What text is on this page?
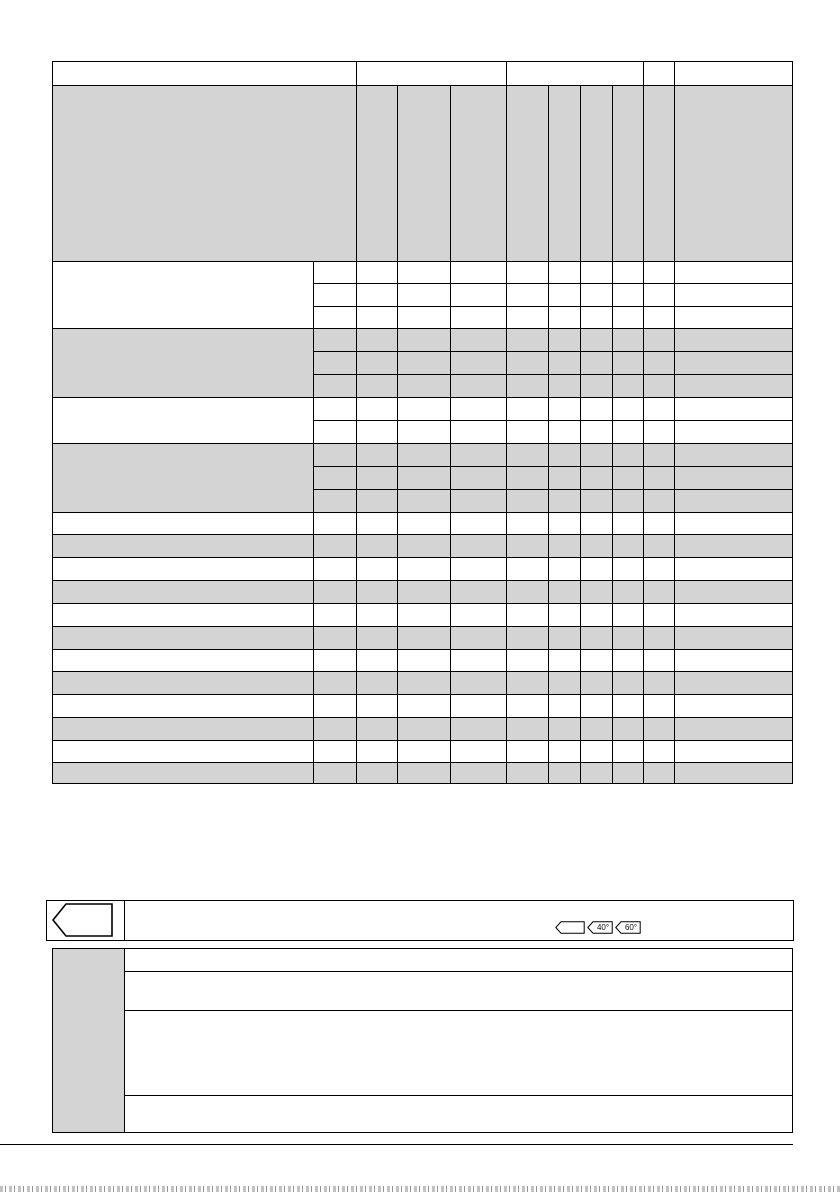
40°	60°
